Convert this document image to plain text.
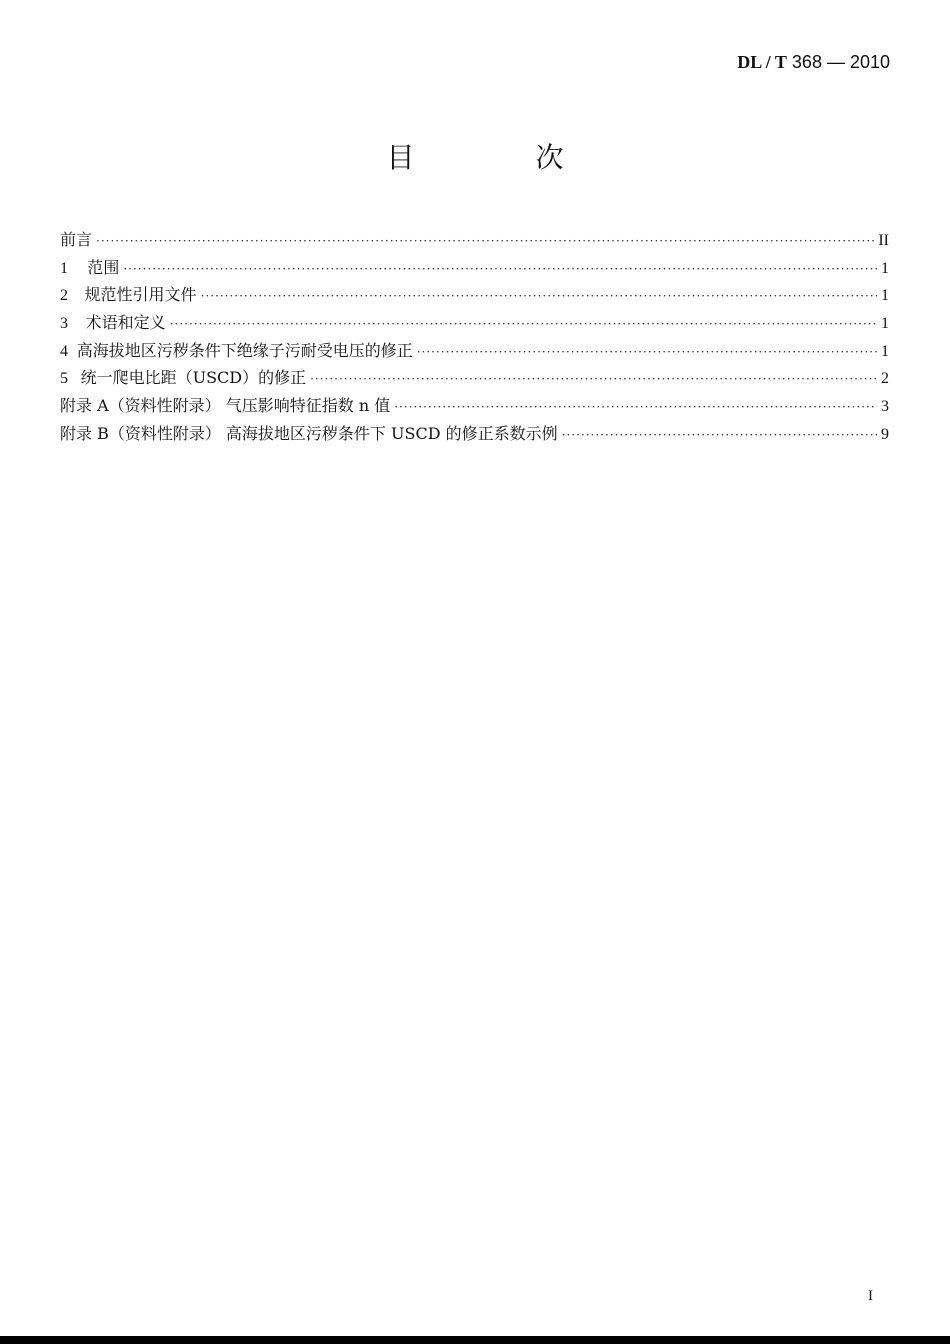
DL / T 368 — 2010
目 次
前言 ·····	II
1	范围 ·····	1
2	规范性引用文件 ·····	1
3	术语和定义 ·····	1
4 高海拔地区污秽条件下绝缘子污耐受电压的修正 ·····	1
5 统一爬电比距（USCD）的修正 ·····	2
附录 A（资料性附录） 气压影响特征指数 n 值 ·····	3
附录 B（资料性附录） 高海拔地区污秽条件下 USCD 的修正系数示例 ·····	9
I
